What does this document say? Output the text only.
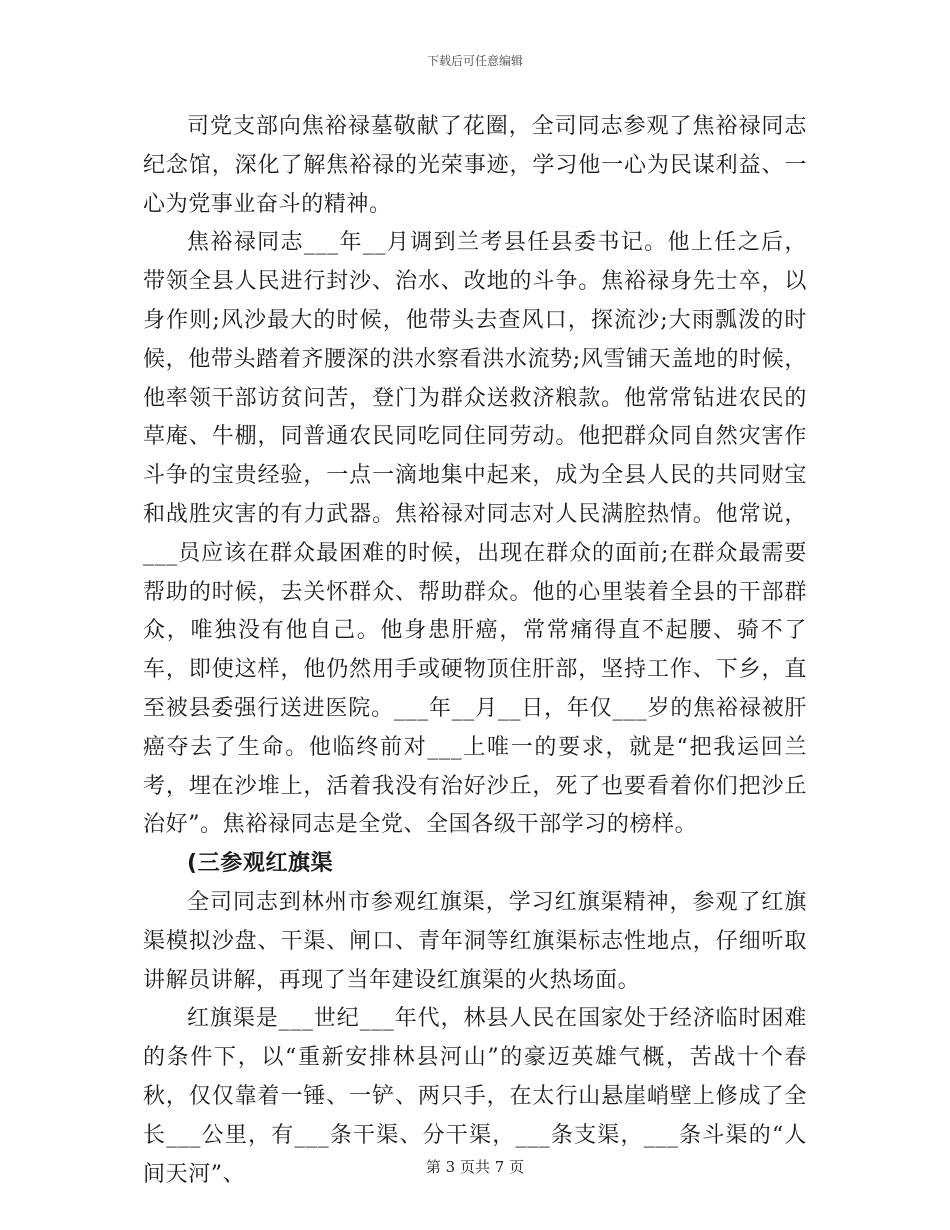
下载后可任意编辑

司党支部向焦裕禄墓敬献了花圈，全司同志参观了焦裕禄同志纪念馆，深化了解焦裕禄的光荣事迹，学习他一心为民谋利益、一心为党事业奋斗的精神。

焦裕禄同志___年__月调到兰考县任县委书记。他上任之后，带领全县人民进行封沙、治水、改地的斗争。焦裕禄身先士卒，以身作则;风沙最大的时候，他带头去查风口，探流沙;大雨瓢泼的时候，他带头踏着齐腰深的洪水察看洪水流势;风雪铺天盖地的时候，他率领干部访贫问苦，登门为群众送救济粮款。他常常钻进农民的草庵、牛棚，同普通农民同吃同住同劳动。他把群众同自然灾害作斗争的宝贵经验，一点一滴地集中起来，成为全县人民的共同财宝和战胜灾害的有力武器。焦裕禄对同志对人民满腔热情。他常说，___员应该在群众最困难的时候，出现在群众的面前;在群众最需要帮助的时候，去关怀群众、帮助群众。他的心里装着全县的干部群众，唯独没有他自己。他身患肝癌，常常痛得直不起腰、骑不了车，即使这样，他仍然用手或硬物顶住肝部，坚持工作、下乡，直至被县委强行送进医院。___年__月__日，年仅___岁的焦裕禄被肝癌夺去了生命。他临终前对___上唯一的要求，就是“把我运回兰考，埋在沙堆上，活着我没有治好沙丘，死了也要看着你们把沙丘治好”。焦裕禄同志是全党、全国各级干部学习的榜样。

(三参观红旗渠

全司同志到林州市参观红旗渠，学习红旗渠精神，参观了红旗渠模拟沙盘、干渠、闸口、青年洞等红旗渠标志性地点，仔细听取讲解员讲解，再现了当年建设红旗渠的火热场面。

红旗渠是___世纪___年代，林县人民在国家处于经济临时困难的条件下，以“重新安排林县河山”的豪迈英雄气概，苦战十个春秋，仅仅靠着一锤、一铲、两只手，在太行山悬崖峭壁上修成了全长___公里，有___条干渠、分干渠，___条支渠，___条斗渠的“人间天河”、	第 3 页共 7 页
